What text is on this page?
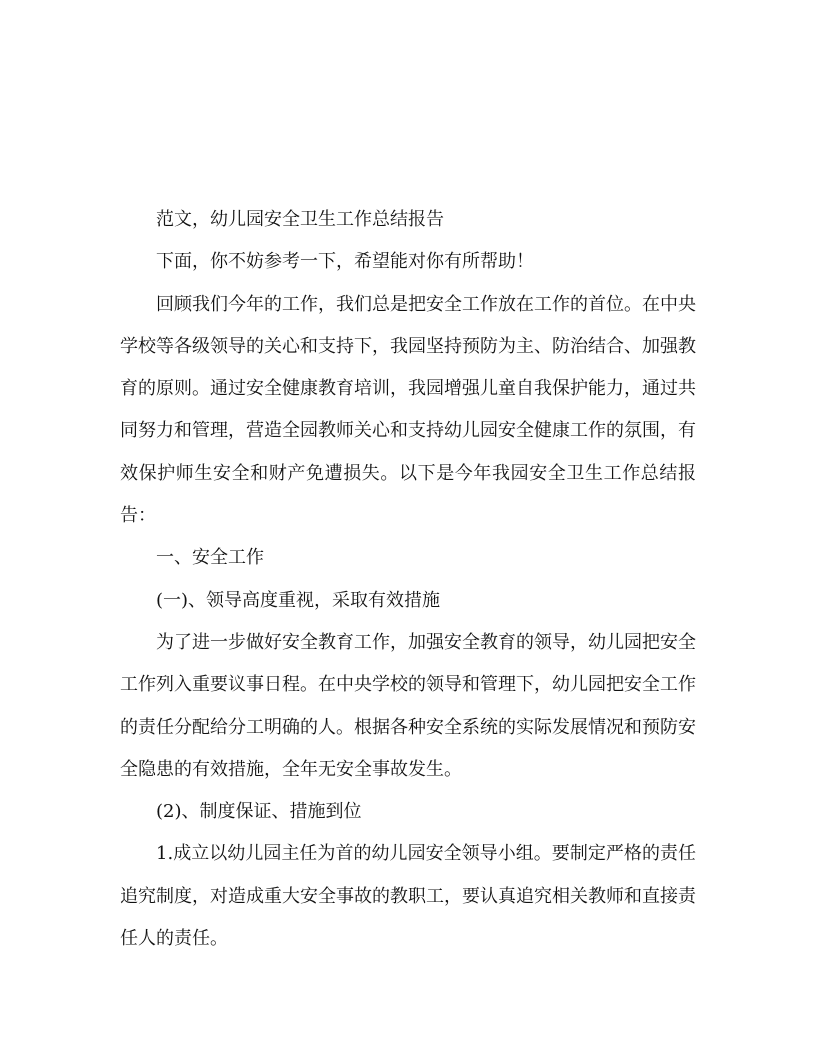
范文，幼儿园安全卫生工作总结报告

下面，你不妨参考一下，希望能对你有所帮助！

回顾我们今年的工作，我们总是把安全工作放在工作的首位。在中央学校等各级领导的关心和支持下，我园坚持预防为主、防治结合、加强教育的原则。通过安全健康教育培训，我园增强儿童自我保护能力，通过共同努力和管理，营造全园教师关心和支持幼儿园安全健康工作的氛围，有效保护师生安全和财产免遭损失。以下是今年我园安全卫生工作总结报告：

一、安全工作

(一)、领导高度重视，采取有效措施

为了进一步做好安全教育工作，加强安全教育的领导，幼儿园把安全工作列入重要议事日程。在中央学校的领导和管理下，幼儿园把安全工作的责任分配给分工明确的人。根据各种安全系统的实际发展情况和预防安全隐患的有效措施，全年无安全事故发生。

(2)、制度保证、措施到位

1.成立以幼儿园主任为首的幼儿园安全领导小组。要制定严格的责任追究制度，对造成重大安全事故的教职工，要认真追究相关教师和直接责任人的责任。
